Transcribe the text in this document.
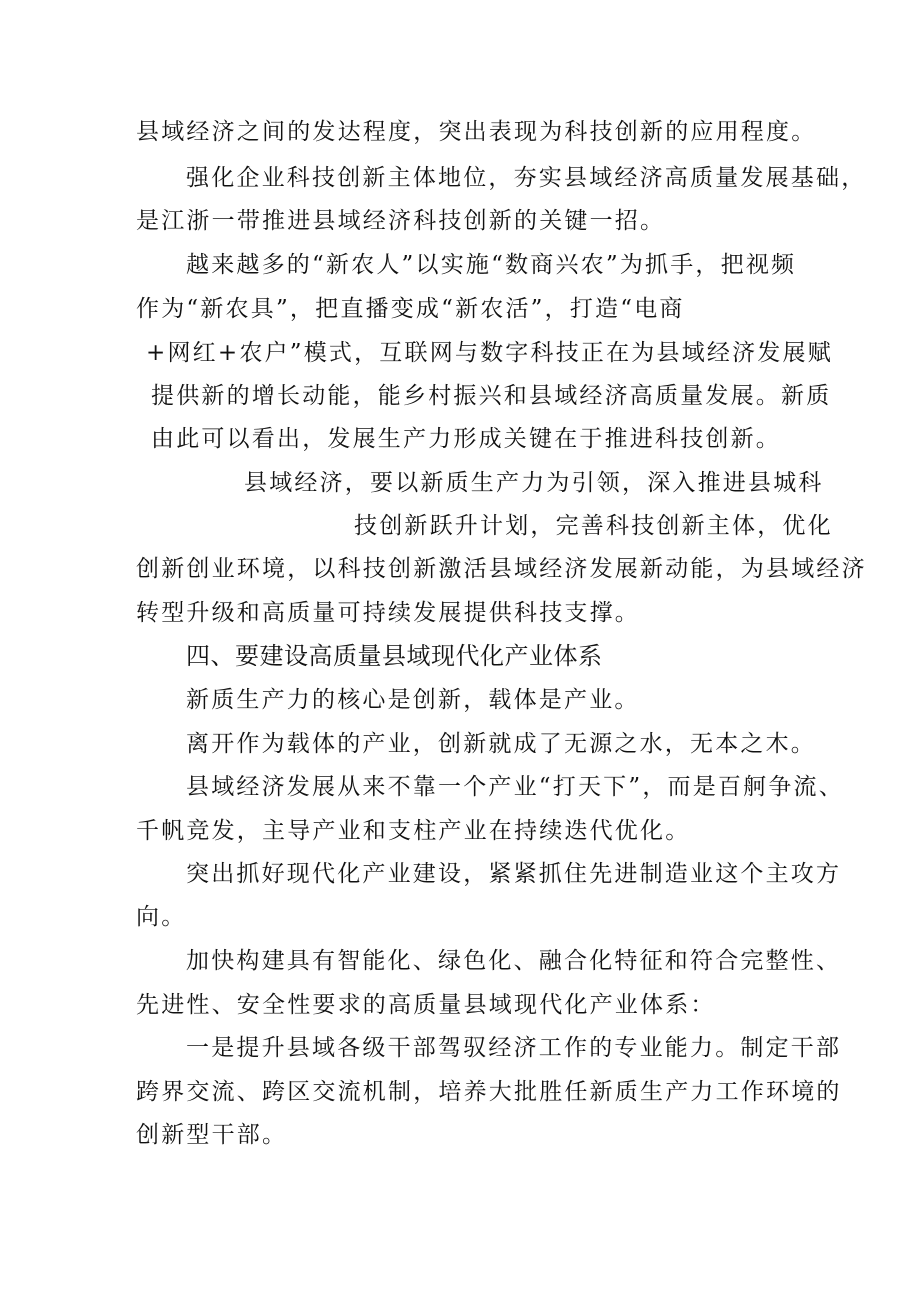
县域经济之间的发达程度，突出表现为科技创新的应用程度。
强化企业科技创新主体地位，夯实县域经济高质量发展基础，
是江浙一带推进县域经济科技创新的关键一招。
越来越多的“新农人”以实施“数商兴农”为抓手，把视频
作为“新农具”，把直播变成“新农活”，打造“电商
+网红+农户”模式，互联网与数字科技正在为县域经济发展赋
提供新的增长动能，能乡村振兴和县域经济高质量发展。新质
由此可以看出，发展生产力形成关键在于推进科技创新。
县域经济，要以新质生产力为引领，深入推进县城科
技创新跃升计划，完善科技创新主体，优化
创新创业环境，以科技创新激活县域经济发展新动能，为县域经济
转型升级和高质量可持续发展提供科技支撑。
四、要建设高质量县域现代化产业体系
新质生产力的核心是创新，载体是产业。
离开作为载体的产业，创新就成了无源之水，无本之木。
县域经济发展从来不靠一个产业“打天下”，而是百舸争流、
千帆竞发，主导产业和支柱产业在持续迭代优化。
突出抓好现代化产业建设，紧紧抓住先进制造业这个主攻方
向。
加快构建具有智能化、绿色化、融合化特征和符合完整性、
先进性、安全性要求的高质量县域现代化产业体系：
一是提升县域各级干部驾驭经济工作的专业能力。制定干部
跨界交流、跨区交流机制，培养大批胜任新质生产力工作环境的
创新型干部。
